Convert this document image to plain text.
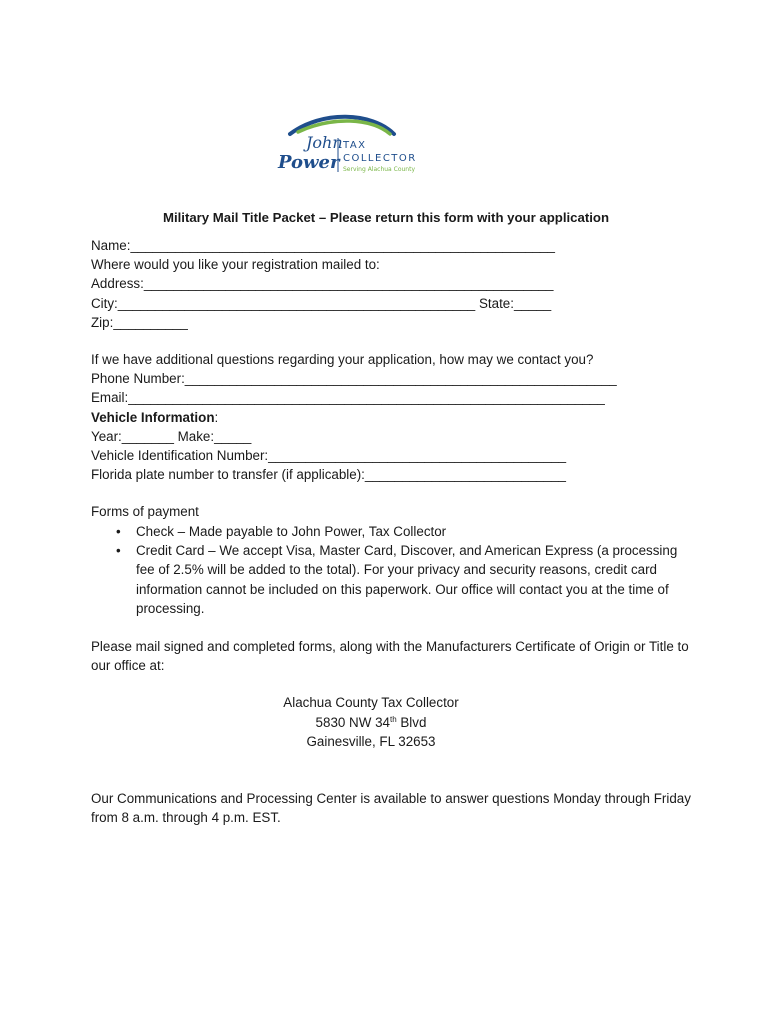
John
Power
TAX
COLLECTOR
Serving Alachua County
Military Mail Title Packet – Please return this form with your application
Name:_________________________________________________________
Where would you like your registration mailed to:
Address:_______________________________________________________
City:________________________________________________ State:_____
Zip:__________
If we have additional questions regarding your application, how may we contact you?
Phone Number:__________________________________________________________
Email:________________________________________________________________
Vehicle Information:
Year:_______ Make:_____
Vehicle Identification Number:________________________________________
Florida plate number to transfer (if applicable):___________________________
Forms of payment
• Check – Made payable to John Power, Tax Collector
• Credit Card – We accept Visa, Master Card, Discover, and American Express (a processing fee of 2.5% will be added to the total). For your privacy and security reasons, credit card information cannot be included on this paperwork. Our office will contact you at the time of processing.
Please mail signed and completed forms, along with the Manufacturers Certificate of Origin or Title to our office at:
Alachua County Tax Collector
5830 NW 34th Blvd
Gainesville, FL 32653
Our Communications and Processing Center is available to answer questions Monday through Friday from 8 a.m. through 4 p.m. EST.
